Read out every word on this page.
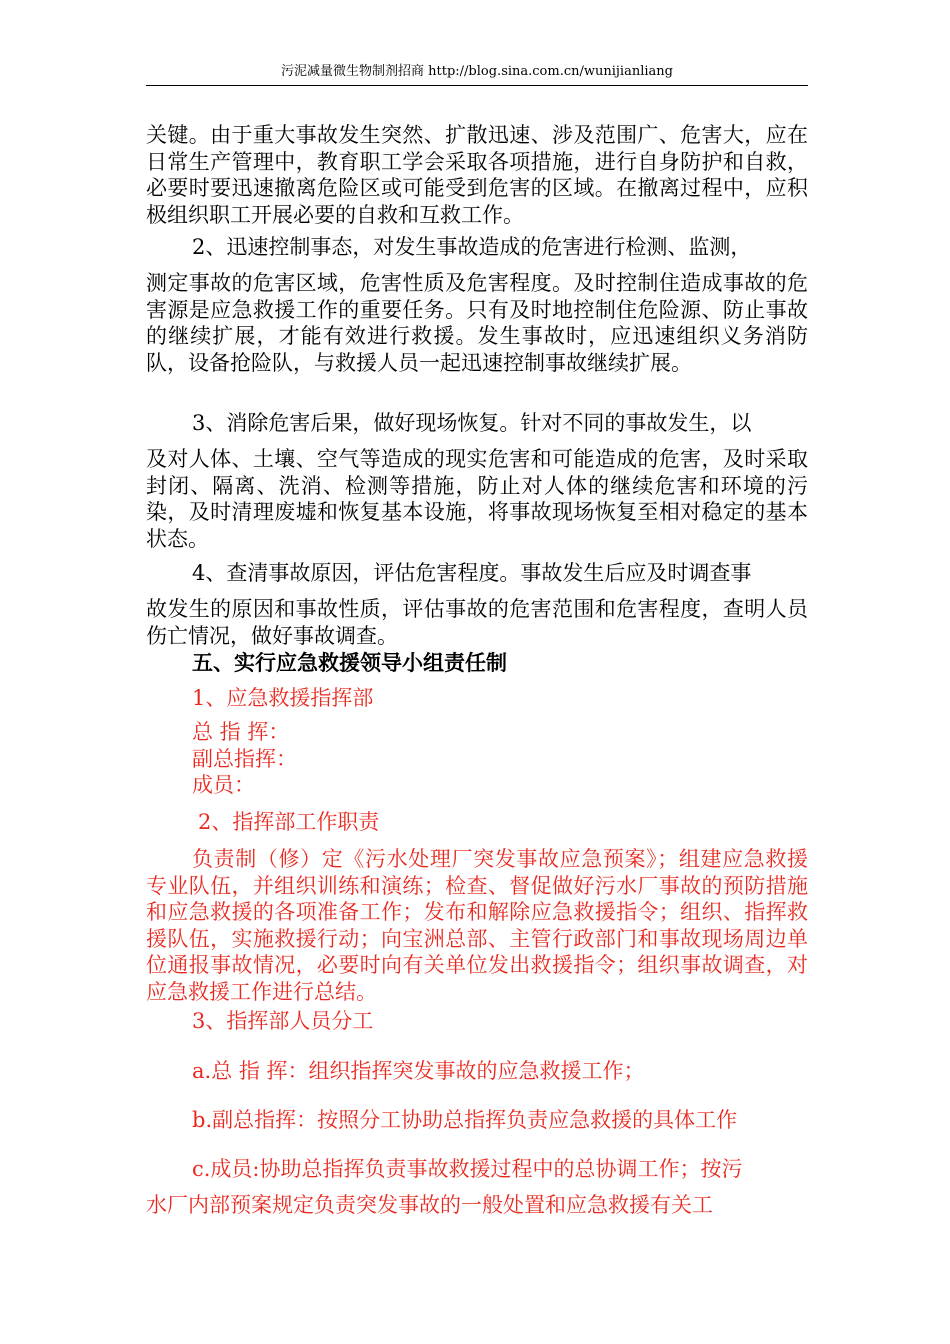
污泥减量微生物制剂招商 http://blog.sina.com.cn/wunijianliang

关键。由于重大事故发生突然、扩散迅速、涉及范围广、危害大，应在日常生产管理中，教育职工学会采取各项措施，进行自身防护和自救，必要时要迅速撤离危险区或可能受到危害的区域。在撤离过程中，应积极组织职工开展必要的自救和互救工作。

2、迅速控制事态，对发生事故造成的危害进行检测、监测，

测定事故的危害区域，危害性质及危害程度。及时控制住造成事故的危害源是应急救援工作的重要任务。只有及时地控制住危险源、防止事故的继续扩展，才能有效进行救援。发生事故时，应迅速组织义务消防队，设备抢险队，与救援人员一起迅速控制事故继续扩展。

3、消除危害后果，做好现场恢复。针对不同的事故发生，以

及对人体、土壤、空气等造成的现实危害和可能造成的危害，及时采取封闭、隔离、洗消、检测等措施，防止对人体的继续危害和环境的污染，及时清理废墟和恢复基本设施，将事故现场恢复至相对稳定的基本状态。

4、查清事故原因，评估危害程度。事故发生后应及时调查事

故发生的原因和事故性质，评估事故的危害范围和危害程度，查明人员伤亡情况，做好事故调查。

五、实行应急救援领导小组责任制

1、应急救援指挥部

总 指 挥：

副总指挥：

成员：

2、指挥部工作职责

负责制（修）定《污水处理厂突发事故应急预案》；组建应急救援专业队伍，并组织训练和演练；检查、督促做好污水厂事故的预防措施和应急救援的各项准备工作；发布和解除应急救援指令；组织、指挥救援队伍，实施救援行动；向宝洲总部、主管行政部门和事故现场周边单位通报事故情况，必要时向有关单位发出救援指令；组织事故调查，对应急救援工作进行总结。

3、指挥部人员分工

a.总 指 挥：组织指挥突发事故的应急救援工作；

b.副总指挥：按照分工协助总指挥负责应急救援的具体工作

c.成员:协助总指挥负责事故救援过程中的总协调工作；按污

水厂内部预案规定负责突发事故的一般处置和应急救援有关工
